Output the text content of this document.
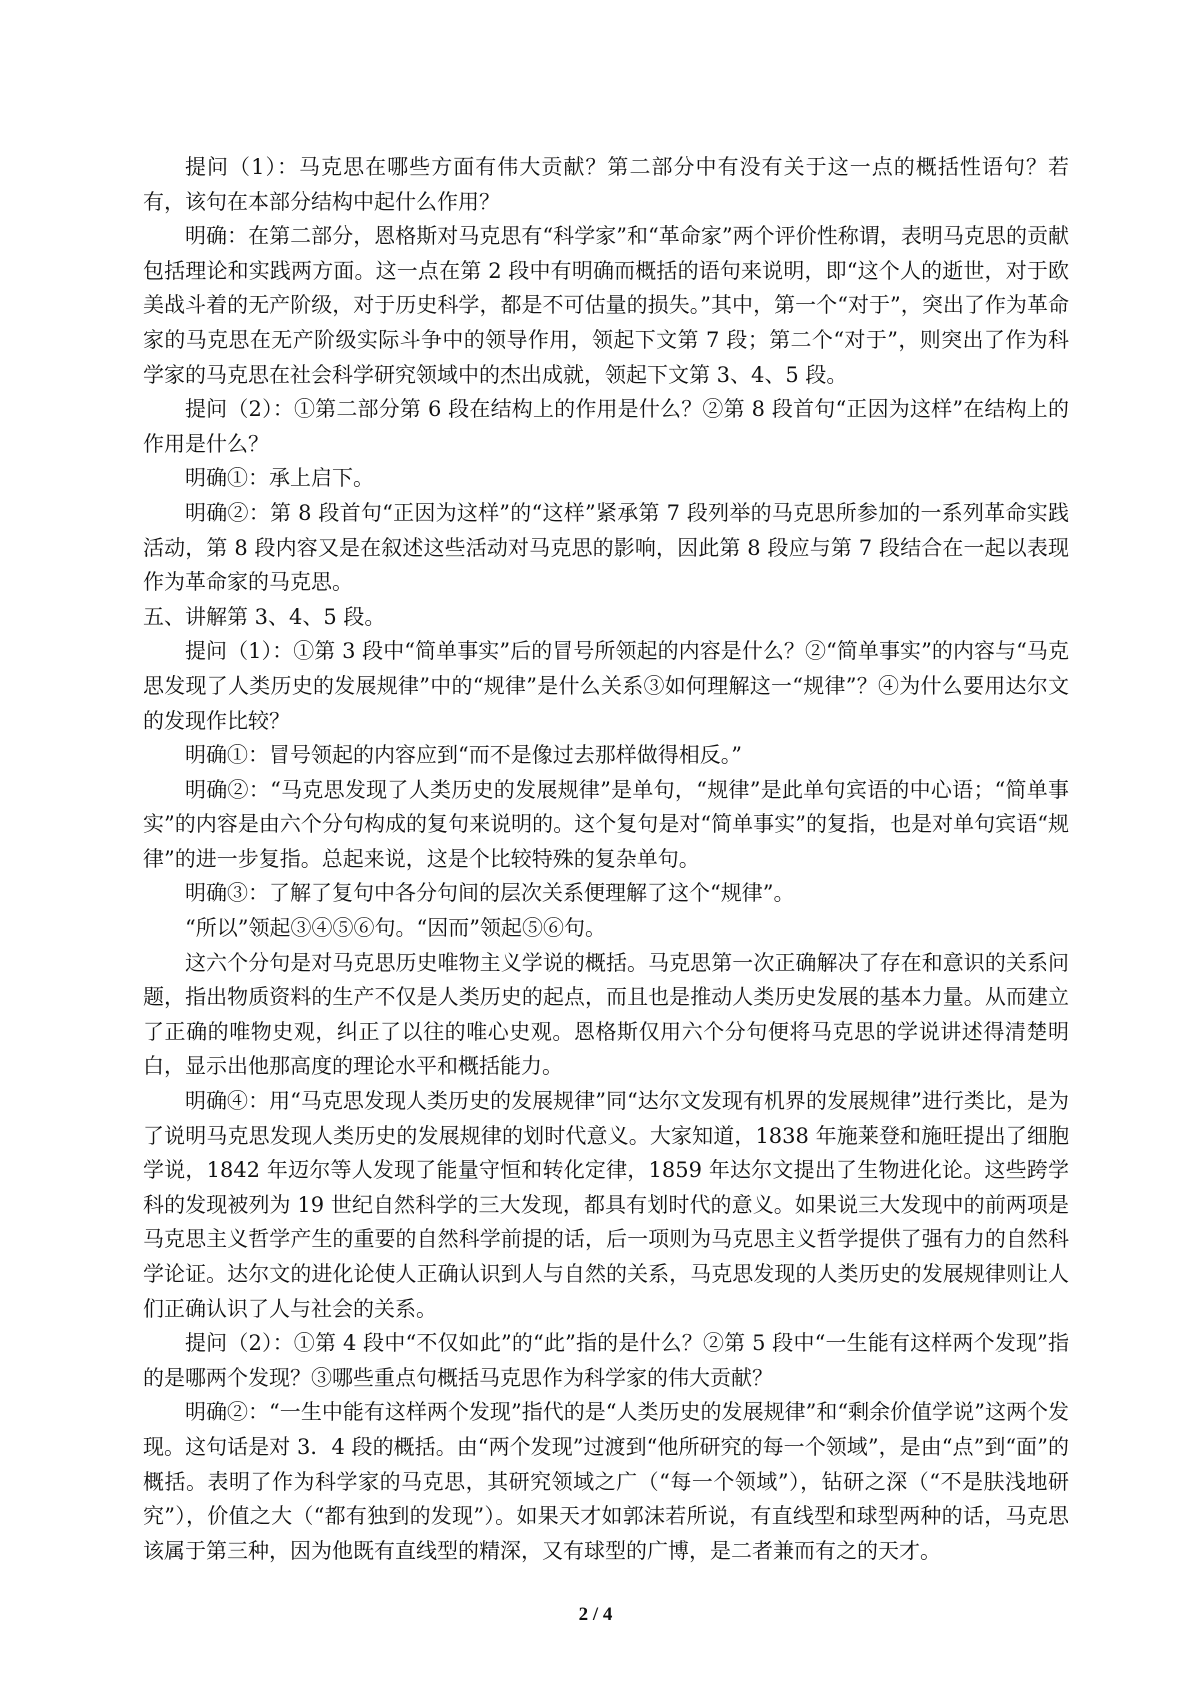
提问（1）：马克思在哪些方面有伟大贡献？第二部分中有没有关于这一点的概括性语句？若有，该句在本部分结构中起什么作用？

明确：在第二部分，恩格斯对马克思有“科学家”和“革命家”两个评价性称谓，表明马克思的贡献包括理论和实践两方面。这一点在第 2 段中有明确而概括的语句来说明，即“这个人的逝世，对于欧美战斗着的无产阶级，对于历史科学，都是不可估量的损失。”其中，第一个“对于”，突出了作为革命家的马克思在无产阶级实际斗争中的领导作用，领起下文第 7 段；第二个“对于”，则突出了作为科学家的马克思在社会科学研究领域中的杰出成就，领起下文第 3、4、5 段。

提问（2）：①第二部分第 6 段在结构上的作用是什么？②第 8 段首句“正因为这样”在结构上的作用是什么？

明确①：承上启下。

明确②：第 8 段首句“正因为这样”的“这样”紧承第 7 段列举的马克思所参加的一系列革命实践活动，第 8 段内容又是在叙述这些活动对马克思的影响，因此第 8 段应与第 7 段结合在一起以表现作为革命家的马克思。

五、讲解第 3、4、5 段。

提问（1）：①第 3 段中“简单事实”后的冒号所领起的内容是什么？②“简单事实”的内容与“马克思发现了人类历史的发展规律”中的“规律”是什么关系③如何理解这一“规律”？④为什么要用达尔文的发现作比较？

明确①：冒号领起的内容应到“而不是像过去那样做得相反。”

明确②：“马克思发现了人类历史的发展规律”是单句，“规律”是此单句宾语的中心语；“简单事实”的内容是由六个分句构成的复句来说明的。这个复句是对“简单事实”的复指，也是对单句宾语“规律”的进一步复指。总起来说，这是个比较特殊的复杂单句。

明确③：了解了复句中各分句间的层次关系便理解了这个“规律”。

“所以”领起③④⑤⑥句。“因而”领起⑤⑥句。

这六个分句是对马克思历史唯物主义学说的概括。马克思第一次正确解决了存在和意识的关系问题，指出物质资料的生产不仅是人类历史的起点，而且也是推动人类历史发展的基本力量。从而建立了正确的唯物史观，纠正了以往的唯心史观。恩格斯仅用六个分句便将马克思的学说讲述得清楚明白，显示出他那高度的理论水平和概括能力。

明确④：用“马克思发现人类历史的发展规律”同“达尔文发现有机界的发展规律”进行类比，是为了说明马克思发现人类历史的发展规律的划时代意义。大家知道，1838 年施莱登和施旺提出了细胞学说，1842 年迈尔等人发现了能量守恒和转化定律，1859 年达尔文提出了生物进化论。这些跨学科的发现被列为 19 世纪自然科学的三大发现，都具有划时代的意义。如果说三大发现中的前两项是马克思主义哲学产生的重要的自然科学前提的话，后一项则为马克思主义哲学提供了强有力的自然科学论证。达尔文的进化论使人正确认识到人与自然的关系，马克思发现的人类历史的发展规律则让人们正确认识了人与社会的关系。

提问（2）：①第 4 段中“不仅如此”的“此”指的是什么？②第 5 段中“一生能有这样两个发现”指的是哪两个发现？③哪些重点句概括马克思作为科学家的伟大贡献？

明确②：“一生中能有这样两个发现”指代的是“人类历史的发展规律”和“剩余价值学说”这两个发现。这句话是对 3．4 段的概括。由“两个发现”过渡到“他所研究的每一个领域”，是由“点”到“面”的概括。表明了作为科学家的马克思，其研究领域之广（“每一个领域”），钻研之深（“不是肤浅地研究”），价值之大（“都有独到的发现”）。如果天才如郭沫若所说，有直线型和球型两种的话，马克思该属于第三种，因为他既有直线型的精深，又有球型的广博，是二者兼而有之的天才。

2 / 4
